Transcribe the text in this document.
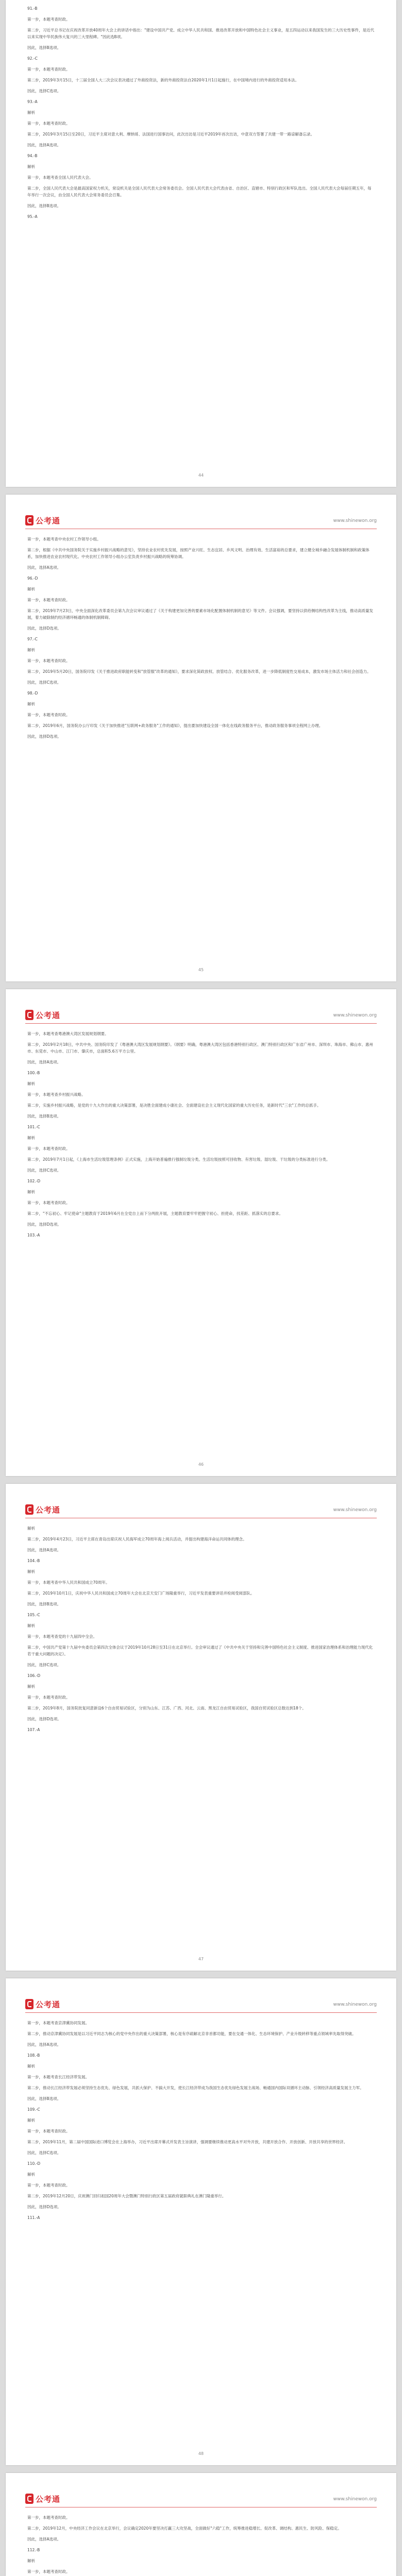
91.-B

第一步，本题考查时政。

第二步，习近平总书记在庆祝改革开放40周年大会上的讲话中指出："建设中国共产党、成立中华人民共和国、推进改革开放和中国特色社会主义事业，是五四运动以来我国发生的三大历史性事件，是近代以来实现中华民族伟大复兴的三大里程碑。"因此选B项。

因此，选择B选项。

92.-C

第一步，本题考查时政。

第二步，2019年3月15日，十三届全国人大二次会议表决通过了外商投资法，新的外商投资法自2020年1月1日起施行，在中国境内进行的外商投资适用本法。

因此，选择C选项。

93.-A

解析

第一步，本题考查时政。

第二步，2019年3月15日至20日，习近平主席对意大利、摩纳哥、法国进行国事访问，此次出访是习近平2019年首次出访，中意双方签署了共建一带一路谅解备忘录。

因此，选择A选项。

94.-B

解析

第一步，本题考查全国人民代表大会。

第二步，全国人民代表大会是最高国家权力机关，常设机关是全国人民代表大会常务委员会。全国人民代表大会代表由省、自治区、直辖市、特别行政区和军队选出。全国人民代表大会每届任期五年，每年举行一次会议，由全国人民代表大会常务委员会召集。

因此，选择B选项。

95.-A

44
公考通	www.shinewon.org

第一步，本题考查中央农村工作领导小组。

第二步，根据《中共中央国务院关于实施乡村振兴战略的意见》，坚持农业农村优先发展，按照产业兴旺、生态宜居、乡风文明、治理有效、生活富裕的总要求，建立健全城乡融合发展体制机制和政策体系，加快推进农业农村现代化。中央农村工作领导小组办公室负责乡村振兴战略的统筹协调。

因此，选择A选项。

96.-D

解析

第一步，本题考查时政。

第二步，2019年7月23日，中央全面深化改革委员会第九次会议审议通过了《关于构建更加完善的要素市场化配置体制机制的意见》等文件。会议强调，要坚持以供给侧结构性改革为主线，推动高质量发展，着力破除制约经济循环畅通的体制机制障碍。

因此，选择D选项。

97.-C

解析

第一步，本题考查时政。

第二步，2019年5月20日，国务院印发《关于推进政府职能转变和"放管服"改革的通知》，要求深化简政放权、放管结合、优化服务改革，进一步降低制度性交易成本，激发市场主体活力和社会创造力。

因此，选择C选项。

98.-D

解析

第一步，本题考查时政。

第二步，2019年6月，国务院办公厅印发《关于加快推进"互联网+政务服务"工作的通知》，提出要加快建设全国一体化在线政务服务平台，推动政务服务事项全程网上办理。

因此，选择D选项。

45
公考通	www.shinewon.org

第一步，本题考查粤港澳大湾区发展规划纲要。

第二步，2019年2月18日，中共中央、国务院印发了《粤港澳大湾区发展规划纲要》。《纲要》明确，粤港澳大湾区包括香港特别行政区、澳门特别行政区和广东省广州市、深圳市、珠海市、佛山市、惠州市、东莞市、中山市、江门市、肇庆市，总面积5.6万平方公里。

因此，选择A选项。

100.-B

解析

第一步，本题考查乡村振兴战略。

第二步，实施乡村振兴战略，是党的十九大作出的重大决策部署，是决胜全面建成小康社会、全面建设社会主义现代化国家的重大历史任务，是新时代"三农"工作的总抓手。

因此，选择B选项。

101.-C

解析

第一步，本题考查时政。

第二步，2019年7月1日起，《上海市生活垃圾管理条例》正式实施，上海开始普遍推行强制垃圾分类。生活垃圾按照可回收物、有害垃圾、湿垃圾、干垃圾的分类标准进行分类。

因此，选择C选项。

102.-D

解析

第一步，本题考查时政。

第二步，"不忘初心、牢记使命"主题教育于2019年6月在全党自上而下分两批开展，主题教育要牢牢把握守初心、担使命，找差距、抓落实的总要求。

因此，选择D选项。

103.-A

46
公考通	www.shinewon.org

解析

第二步，2019年4月23日，习近平主席在青岛出席庆祝人民海军成立70周年海上阅兵活动，并提出构建海洋命运共同体的理念。

因此，选择A选项。

104.-B

解析

第一步，本题考查中华人民共和国成立70周年。

第二步，2019年10月1日，庆祝中华人民共和国成立70周年大会在北京天安门广场隆重举行，习近平发表重要讲话并检阅受阅部队。

因此，选择B选项。

105.-C

解析

第一步，本题考查党的十九届四中全会。

第二步，中国共产党第十九届中央委员会第四次全体会议于2019年10月28日至31日在北京举行。全会审议通过了《中共中央关于坚持和完善中国特色社会主义制度、推进国家治理体系和治理能力现代化若干重大问题的决定》。

因此，选择C选项。

106.-D

解析

第一步，本题考查时政。

第二步，2019年8月，国务院批复同意新设6个自由贸易试验区，分别为山东、江苏、广西、河北、云南、黑龙江自由贸易试验区，我国自贸试验区总数达到18个。

因此，选择D选项。

107.-A

47
公考通	www.shinewon.org

第一步，本题考查京津冀协同发展。

第二步，推动京津冀协同发展是以习近平同志为核心的党中央作出的重大决策部署，核心是有序疏解北京非首都功能，要在交通一体化、生态环境保护、产业升级转移等重点领域率先取得突破。

因此，选择A选项。

108.-B

解析

第一步，本题考查长江经济带发展。

第二步，推动长江经济带发展必须坚持生态优先、绿色发展，共抓大保护、不搞大开发，使长江经济带成为我国生态优先绿色发展主战场、畅通国内国际双循环主动脉、引领经济高质量发展主力军。

因此，选择B选项。

109.-C

解析

第一步，本题考查时政。

第二步，2019年11月，第二届中国国际进口博览会在上海举办，习近平出席开幕式并发表主旨演讲，强调要继续推动更高水平对外开放，共建开放合作、开放创新、开放共享的世界经济。

因此，选择C选项。

110.-D

解析

第一步，本题考查时政。

第二步，2019年12月20日，庆祝澳门回归祖国20周年大会暨澳门特别行政区第五届政府就职典礼在澳门隆重举行。

因此，选择D选项。

111.-A

48
公考通	www.shinewon.org

第一步，本题考查时政。

第二步，2019年12月，中央经济工作会议在北京举行，会议确定2020年要坚决打赢三大攻坚战，全面做好"六稳"工作，统筹推进稳增长、促改革、调结构、惠民生、防风险、保稳定。

因此，选择A选项。

112.-B

解析

第一步，本题考查时政。
